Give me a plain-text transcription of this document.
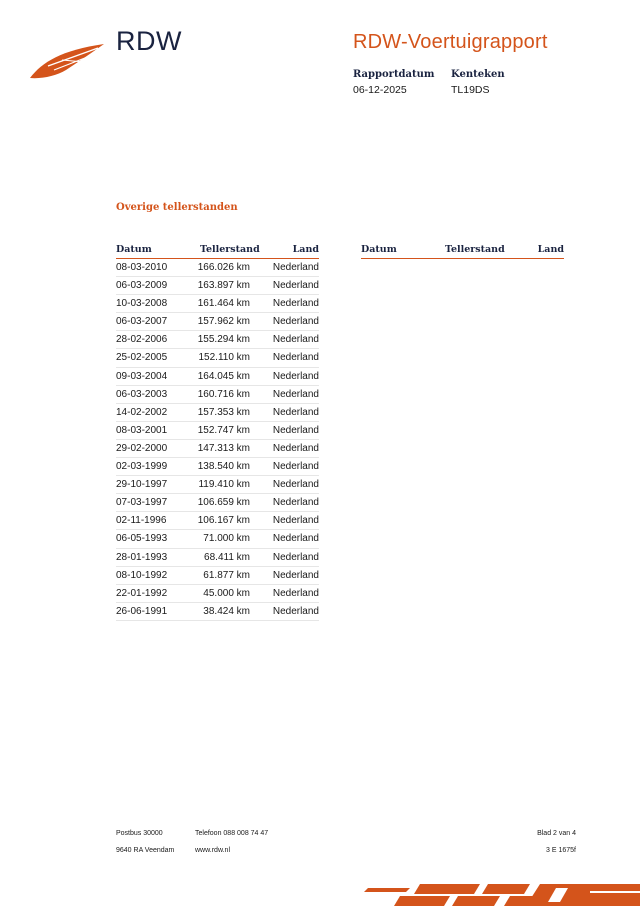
RDW	RDW-Voertuigrapport
Rapportdatum
06-12-2025
Kenteken
TL19DS
Overige tellerstanden
Datum	Tellerstand	Land
08-03-2010	166.026 km Nederland
06-03-2009	163.897 km Nederland
10-03-2008	161.464 km Nederland
06-03-2007	157.962 km Nederland
28-02-2006	155.294 km Nederland
25-02-2005	152.110 km Nederland
09-03-2004	164.045 km Nederland
06-03-2003	160.716 km Nederland
14-02-2002	157.353 km Nederland
08-03-2001	152.747 km Nederland
29-02-2000	147.313 km Nederland
02-03-1999	138.540 km Nederland
29-10-1997	119.410 km Nederland
07-03-1997	106.659 km Nederland
02-11-1996	106.167 km Nederland
06-05-1993	71.000 km Nederland
28-01-1993	68.411 km Nederland
08-10-1992	61.877 km Nederland
22-01-1992	45.000 km Nederland
26-06-1991	38.424 km Nederland
Datum	Tellerstand	Land
Postbus 30000
9640 RA Veendam
Telefoon 088 008 74 47
www.rdw.nl
Blad 2 van 4
3 E 1675f
